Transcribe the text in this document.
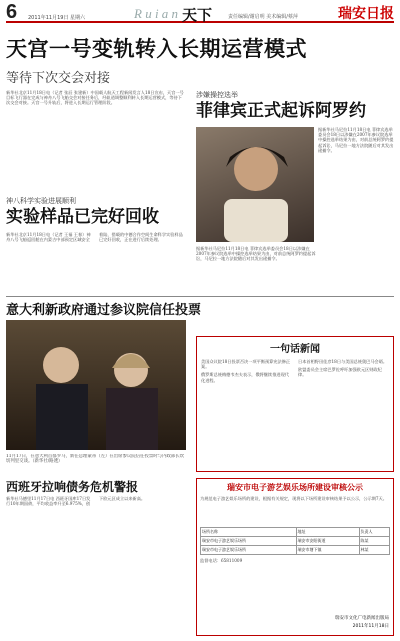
6 2011年11月19日 星期六	R u i a n 天下	责任编辑/谢启明 美术编辑/蔡萍	瑞安日报
天宫一号变轨转入长期运营模式
等待下次交会对接
新华社北京11月18日电（记者 张辰 张建新）中国载人航天工程新闻发言人18日宣布，天宫一号目标飞行器在完成与神舟八号飞船交会对接任务后，经轨道调整顺利转入长期运营模式，等待下次交会对接。天宫一号升轨后，将进入长期运行管理阶段。
神八科学实验进展顺利
实验样品已完好回收
新华社北京11月18日电（记者 王福 王春）神舟八号飞船返回舱在内蒙古中部预定区域安全着陆，搭载的中德合作空间生命科学实验样品已完好回收，正在进行后续处理。
涉嫌操控选举
菲律宾正式起诉阿罗约
据新华社马尼拉11月18日电 菲律宾选举委员会18日以涉嫌在2007年参议院选举中操控选举结果为由，对前总统阿罗约提起诉讼，马尼拉一地方法院随后对其发出逮捕令。
据新华社马尼拉11月18日电 菲律宾选举委员会18日以涉嫌在2007年参议院选举中操控选举结果为由，对前总统阿罗约提起诉讼，马尼拉一地方法院随后对其发出逮捕令。
意大利新政府通过参议院信任投票
11月17日，在意大利首都罗马，新任总理蒙蒂（左）在出席参议院信任投票时与内政部长坎切列里交谈。（新华社/路透）
一句话新闻
美国众议院18日投票否决一项平衡预算宪法修正案。
俄罗斯总统梅德韦杰夫表示，俄将继续推进现代化进程。
日本首相野田佳彦18日与美国总统奥巴马会晤。
欧盟委员会主席巴罗佐呼吁加强欧元区财政纪律。
西班牙拉响债务危机警报
新华社马德里11月17日电 西班牙国库17日发行10年期国债，平均收益率升至6.975%，创下欧元区成立以来新高。
瑞安市电子游艺娱乐场所建设审核公示
为规范电子游艺娱乐场所的建设，根据有关规定，现将以下场所建设审核结果予以公示，公示期7天。
场所名称	地址	负责人
瑞安市电子游艺娱乐场所	瑞安市安阳街道	陈某
瑞安市电子游艺娱乐场所	瑞安市塘下镇	林某
监督电话：65811009
瑞安市文化广电新闻出版局
2011年11月18日
